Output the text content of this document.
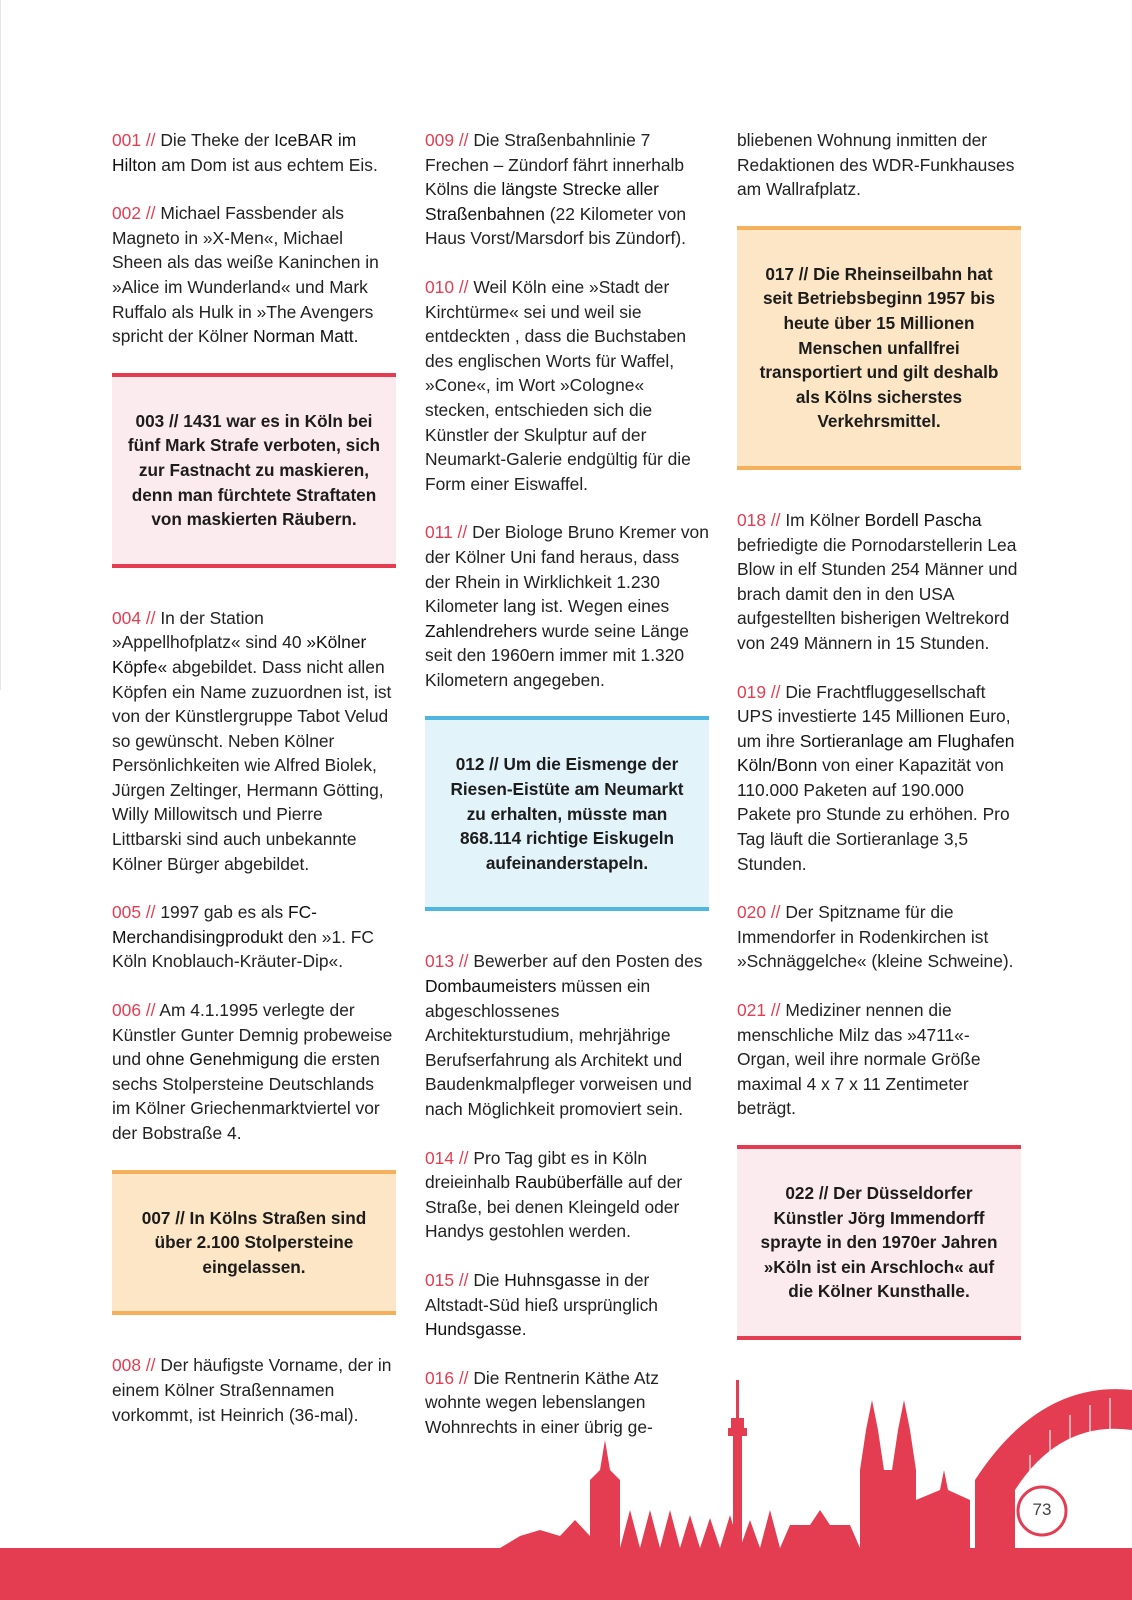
001 // Die Theke der IceBAR im Hilton am Dom ist aus echtem Eis.

002 // Michael Fassbender als Magneto in »X-Men«, Michael Sheen als das weiße Kaninchen in »Alice im Wunderland« und Mark Ruffalo als Hulk in »The Avengers spricht der Kölner Norman Matt.

003 // 1431 war es in Köln bei fünf Mark Strafe verboten, sich zur Fastnacht zu maskieren, denn man fürchtete Straftaten von maskierten Räubern.

004 // In der Station »Appellhofplatz« sind 40 »Kölner Köpfe« abgebildet. Dass nicht allen Köpfen ein Name zuzuordnen ist, ist von der Künstlergruppe Tabot Velud so gewünscht. Neben Kölner Persönlichkeiten wie Alfred Biolek, Jürgen Zeltinger, Hermann Götting, Willy Millowitsch und Pierre Littbarski sind auch unbekannte Kölner Bürger abgebildet.

005 // 1997 gab es als FC-Merchandisingprodukt den »1. FC Köln Knoblauch-Kräuter-Dip«.

006 // Am 4.1.1995 verlegte der Künstler Gunter Demnig probeweise und ohne Genehmigung die ersten sechs Stolpersteine Deutschlands im Kölner Griechenmarktviertel vor der Bobstraße 4.

007 // In Kölns Straßen sind über 2.100 Stolpersteine eingelassen.

008 // Der häufigste Vorname, der in einem Kölner Straßennamen vorkommt, ist Heinrich (36-mal).

009 // Die Straßenbahnlinie 7 Frechen – Zündorf fährt innerhalb Kölns die längste Strecke aller Straßenbahnen (22 Kilometer von Haus Vorst/Marsdorf bis Zündorf).

010 // Weil Köln eine »Stadt der Kirchtürme« sei und weil sie entdeckten , dass die Buchstaben des englischen Worts für Waffel, »Cone«, im Wort »Cologne« stecken, entschieden sich die Künstler der Skulptur auf der Neumarkt-Galerie endgültig für die Form einer Eiswaffel.

011 // Der Biologe Bruno Kremer von der Kölner Uni fand heraus, dass der Rhein in Wirklichkeit 1.230 Kilometer lang ist. Wegen eines Zahlendrehers wurde seine Länge seit den 1960ern immer mit 1.320 Kilometern angegeben.

012 // Um die Eismenge der Riesen-Eistüte am Neumarkt zu erhalten, müsste man 868.114 richtige Eiskugeln aufeinanderstapeln.

013 // Bewerber auf den Posten des Dombaumeisters müssen ein abgeschlossenes Architekturstudium, mehrjährige Berufserfahrung als Architekt und Baudenkmalpfleger vorweisen und nach Möglichkeit promoviert sein.

014 // Pro Tag gibt es in Köln dreieinhalb Raubüberfälle auf der Straße, bei denen Kleingeld oder Handys gestohlen werden.

015 // Die Huhnsgasse in der Altstadt-Süd hieß ursprünglich Hundsgasse.

016 // Die Rentnerin Käthe Atz wohnte wegen lebenslangen Wohnrechts in einer übrig ge-

bliebenen Wohnung inmitten der Redaktionen des WDR-Funkhauses am Wallrafplatz.

017 // Die Rheinseilbahn hat seit Betriebsbeginn 1957 bis heute über 15 Millionen Menschen unfallfrei transportiert und gilt deshalb als Kölns sicherstes Verkehrsmittel.

018 // Im Kölner Bordell Pascha befriedigte die Pornodarstellerin Lea Blow in elf Stunden 254 Männer und brach damit den in den USA aufgestellten bisherigen Weltrekord von 249 Männern in 15 Stunden.

019 // Die Frachtfluggesellschaft UPS investierte 145 Millionen Euro, um ihre Sortieranlage am Flughafen Köln/Bonn von einer Kapazität von 110.000 Paketen auf 190.000 Pakete pro Stunde zu erhöhen. Pro Tag läuft die Sortieranlage 3,5 Stunden.

020 // Der Spitzname für die Immendorfer in Rodenkirchen ist »Schnäggelche« (kleine Schweine).

021 // Mediziner nennen die menschliche Milz das »4711«-Organ, weil ihre normale Größe maximal 4 x 7 x 11 Zentimeter beträgt.

022 // Der Düsseldorfer Künstler Jörg Immendorff sprayte in den 1970er Jahren »Köln ist ein Arschloch« auf die Kölner Kunsthalle.
73
